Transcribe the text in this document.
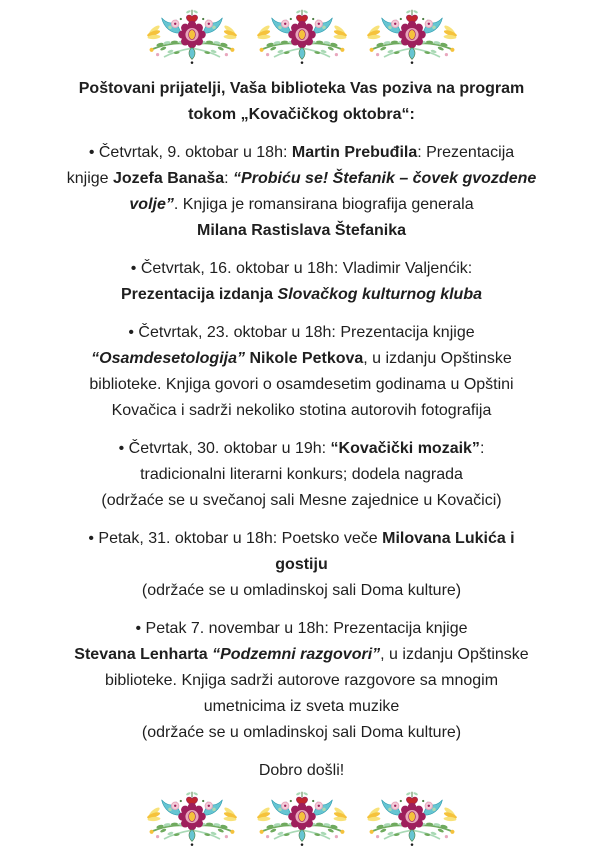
Poštovani prijatelji, Vaša biblioteka Vas poziva na program
tokom „Kovačičkog oktobra“:
• Četvrtak, 9. oktobar u 18h: Martin Prebuđila: Prezentacija
knjige Jozefa Banaša: “Probiću se! Štefanik – čovek gvozdene
volje”. Knjiga je romansirana biografija generala
Milana Rastislava Štefanika
• Četvrtak, 16. oktobar u 18h: Vladimir Valjenćik:
Prezentacija izdanja Slovačkog kulturnog kluba
• Četvrtak, 23. oktobar u 18h: Prezentacija knjige
“Osamdesetologija” Nikole Petkova, u izdanju Opštinske
biblioteke. Knjiga govori o osamdesetim godinama u Opštini
Kovačica i sadrži nekoliko stotina autorovih fotografija
• Četvrtak, 30. oktobar u 19h: “Kovačički mozaik”:
tradicionalni literarni konkurs; dodela nagrada
(održaće se u svečanoj sali Mesne zajednice u Kovačici)
• Petak, 31. oktobar u 18h: Poetsko veče Milovana Lukića i
gostiju
(održaće se u omladinskoj sali Doma kulture)
• Petak 7. novembar u 18h: Prezentacija knjige
Stevana Lenharta “Podzemni razgovori”, u izdanju Opštinske
biblioteke. Knjiga sadrži autorove razgovore sa mnogim
umetnicima iz sveta muzike
(održaće se u omladinskoj sali Doma kulture)
Dobro došli!
